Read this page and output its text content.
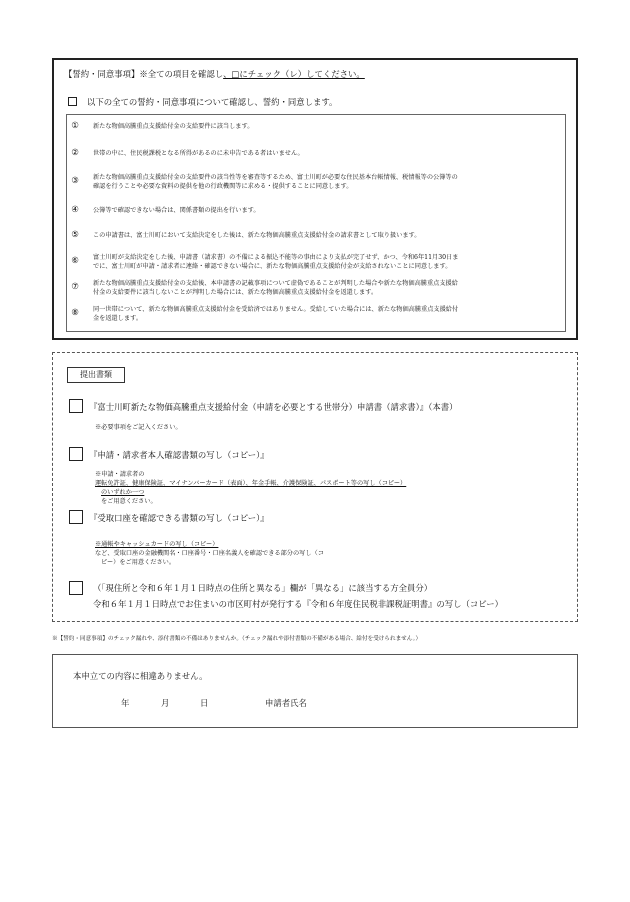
【誓約・同意事項】※全ての項目を確認し、□にチェック（レ）してください。
以下の全ての誓約・同意事項について確認し、誓約・同意します。
①	新たな物価高騰重点支援給付金の支給要件に該当します。
②	世帯の中に、住民税課税となる所得があるのに未申告である者はいません。
③	新たな物価高騰重点支援給付金の支給要件の該当性等を審査等するため、富士川町が必要な住民基本台帳情報、税情報等の公簿等の
確認を行うことや必要な資料の提供を他の行政機関等に求める・提供することに同意します。
④	公簿等で確認できない場合は、関係書類の提出を行います。
⑤	この申請書は、富士川町において支給決定をした後は、新たな物価高騰重点支援給付金の請求書として取り扱います。
⑥	富士川町が支給決定をした後、申請書（請求書）の不備による振込不能等の事由により支払が完了せず、かつ、令和6年11月30日ま
でに、富士川町が申請・請求者に連絡・確認できない場合に、新たな物価高騰重点支援給付金が支給されないことに同意します。
⑦	新たな物価高騰重点支援給付金の支給後、本申請書の記載事項について虚偽であることが判明した場合や新たな物価高騰重点支援給
付金の支給要件に該当しないことが判明した場合には、新たな物価高騰重点支援給付金を返還します。
⑧	同一世帯について、新たな物価高騰重点支援給付金を受給済ではありません。受給していた場合には、新たな物価高騰重点支援給付
金を返還します。
提出書類
『富士川町新たな物価高騰重点支援給付金（申請を必要とする世帯分）申請書（請求書）』（本書）
※必要事項をご記入ください。
『申請・請求者本人確認書類の写し（コピー）』
※申請・請求者の
運転免許証、健康保険証、マイナンバーカード（表面）、年金手帳、介護保険証、パスポート等の写し（コピー）
のいずれか一つ
をご用意ください。
『受取口座を確認できる書類の写し（コピー）』
※通帳やキャッシュカードの写し（コピー）
など、受取口座の金融機関名・口座番号・口座名義人を確認できる部分の写し（コ
ピー）をご用意ください。
（「現住所と令和６年１月１日時点の住所と異なる」欄が「異なる」に該当する方全員分）
令和６年１月１日時点でお住まいの市区町村が発行する『令和６年度住民税非課税証明書』の写し（コピー）
※【誓約・同意事項】のチェック漏れや、添付書類の不備はありませんか。（チェック漏れや添付書類の不備がある場合、給付を受けられません。）
本申立ての内容に相違ありません。
年	月	日	申請者氏名
